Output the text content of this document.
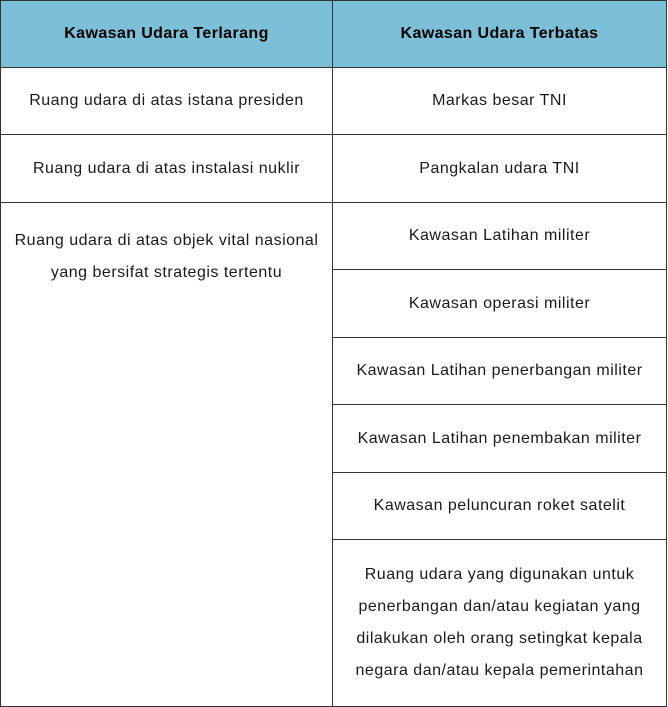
Kawasan Udara Terlarang	Kawasan Udara Terbatas
Ruang udara di atas istana presiden
Ruang udara di atas instalasi nuklir
Ruang udara di atas objek vital nasional yang bersifat strategis tertentu
Markas besar TNI
Pangkalan udara TNI
Kawasan Latihan militer
Kawasan operasi militer
Kawasan Latihan penerbangan militer
Kawasan Latihan penembakan militer
Kawasan peluncuran roket satelit
Ruang udara yang digunakan untuk penerbangan dan/atau kegiatan yang dilakukan oleh orang setingkat kepala negara dan/atau kepala pemerintahan
